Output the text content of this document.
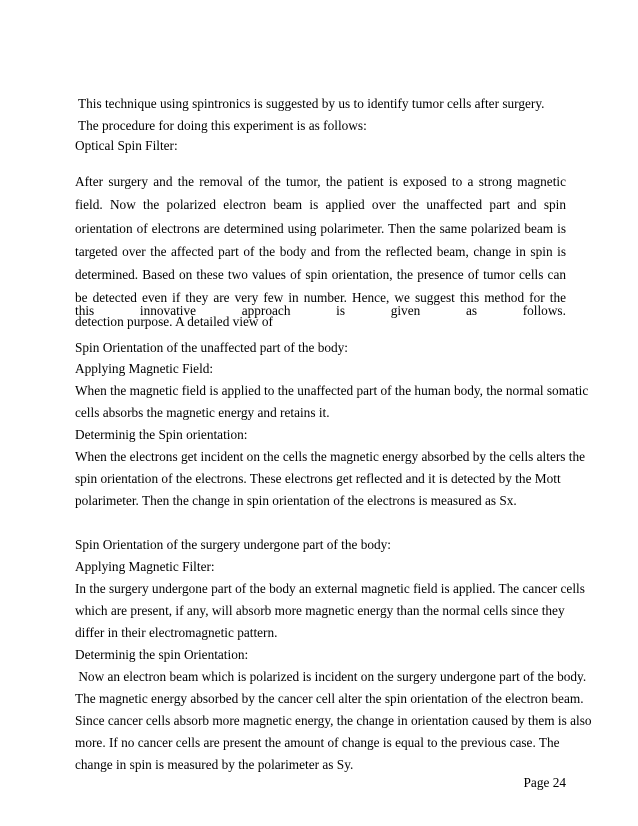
This technique using spintronics is suggested by us to identify tumor cells after surgery.
The procedure for doing this experiment is as follows:
Optical Spin Filter:
After surgery and the removal of the tumor, the patient is exposed to a strong magnetic field. Now the polarized electron beam is applied over the unaffected part and spin orientation of electrons are determined using polarimeter. Then the same polarized beam is targeted over the affected part of the body and from the reflected beam, change in spin is determined. Based on these two values of spin orientation, the presence of tumor cells can be detected even if they are very few in number. Hence, we suggest this method for the detection purpose. A detailed view of
this	innovative	approach	is	given	as	follows.
Spin Orientation of the unaffected part of the body:
Applying Magnetic Field:
When the magnetic field is applied to the unaffected part of the human body, the normal somatic
cells absorbs the magnetic energy and retains it.
Determinig the Spin orientation:
When the electrons get incident on the cells the magnetic energy absorbed by the cells alters the
spin orientation of the electrons. These electrons get reflected and it is detected by the Mott
polarimeter. Then the change in spin orientation of the electrons is measured as Sx.
Spin Orientation of the surgery undergone part of the body:
Applying Magnetic Filter:
In the surgery undergone part of the body an external magnetic field is applied. The cancer cells
which are present, if any, will absorb more magnetic energy than the normal cells since they
differ in their electromagnetic pattern.
Determinig the spin Orientation:
Now an electron beam which is polarized is incident on the surgery undergone part of the body.
The magnetic energy absorbed by the cancer cell alter the spin orientation of the electron beam.
Since cancer cells absorb more magnetic energy, the change in orientation caused by them is also
more. If no cancer cells are present the amount of change is equal to the previous case. The
change in spin is measured by the polarimeter as Sy.
Page 24
